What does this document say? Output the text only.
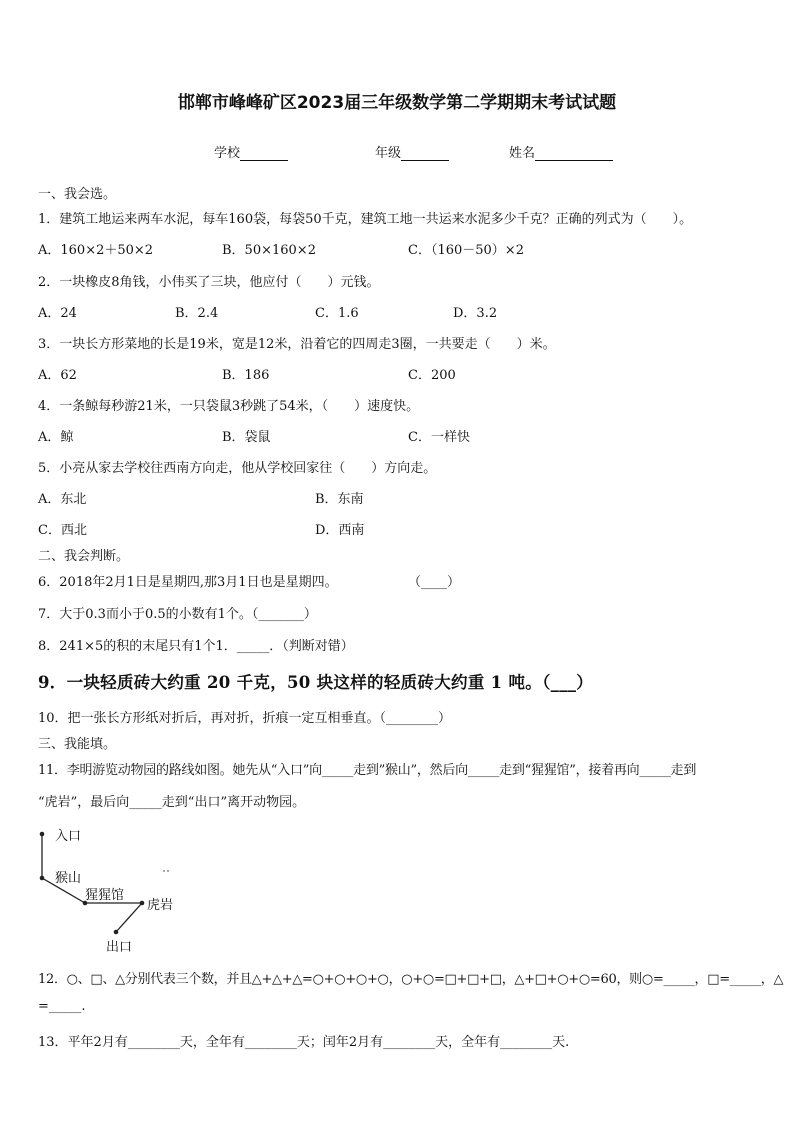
邯郸市峰峰矿区2023届三年级数学第二学期期末考试试题
学校	年级	姓名
一、我会选。
1．建筑工地运来两车水泥，每车160袋，每袋50千克，建筑工地一共运来水泥多少千克？正确的列式为（　　）。
A．160×2＋50×2	B．50×160×2	C．（160－50）×2
2．一块橡皮8角钱，小伟买了三块，他应付（　　）元钱。
A．24	B．2.4	C．1.6	D．3.2
3．一块长方形菜地的长是19米，宽是12米，沿着它的四周走3圈，一共要走（　　）米。
A．62	B．186	C．200
4．一条鲸每秒游21米，一只袋鼠3秒跳了54米，（　　）速度快。
A．鲸	B．袋鼠	C．一样快
5．小亮从家去学校往西南方向走，他从学校回家往（　　）方向走。
A．东北	B．东南
C．西北	D．西南
二、我会判断。
6．2018年2月1日是星期四,那3月1日也是星期四。	（____）
7．大于0.3而小于0.5的小数有1个。（_______）
8．241×5的积的末尾只有1个1．_____．（判断对错）
9．一块轻质砖大约重 20 千克，50 块这样的轻质砖大约重 1 吨。（___）
10．把一张长方形纸对折后，再对折，折痕一定互相垂直。（________）
三、我能填。
11．李明游览动物园的路线如图。她先从“入口”向_____走到”猴山”，然后向_____走到“猩猩馆”，接着再向_____走到
“虎岩”，最后向_____走到“出口”离开动物园。
入口
猴山
猩猩馆
虎岩
出口
12．○、□、△分别代表三个数，并且△+△+△=○+○+○+○，○+○=□+□+□，△+□+○+○=60，则○=_____，□=_____，△
=_____.
13．平年2月有________天，全年有________天；闰年2月有________天，全年有________天.
